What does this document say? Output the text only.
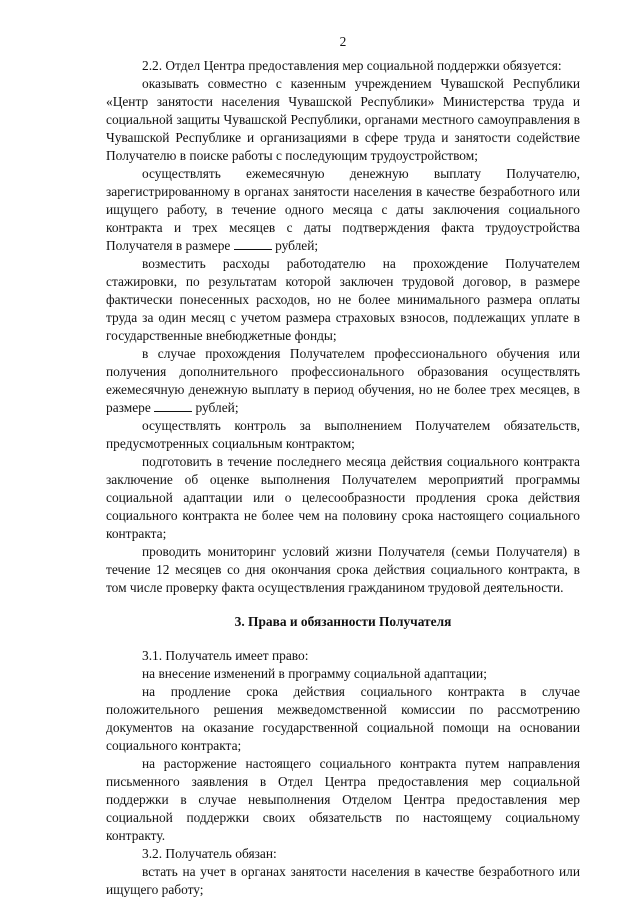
2

2.2. Отдел Центра предоставления мер социальной поддержки обязуется:

оказывать совместно с казенным учреждением Чувашской Республики «Центр занятости населения Чувашской Республики» Министерства труда и социальной защиты Чувашской Республики, органами местного самоуправления в Чувашской Республике и организациями в сфере труда и занятости содействие Получателю в поиске работы с последующим трудоустройством;

осуществлять ежемесячную денежную выплату Получателю, зарегистрированному в органах занятости населения в качестве безработного или ищущего работу, в течение одного месяца с даты заключения социального контракта и трех месяцев с даты подтверждения факта трудоустройства Получателя в размере	рублей;

возместить расходы работодателю на прохождение Получателем стажировки, по результатам которой заключен трудовой договор, в размере фактически понесенных расходов, но не более минимального размера оплаты труда за один месяц с учетом размера страховых взносов, подлежащих уплате в государственные внебюджетные фонды;

в случае прохождения Получателем профессионального обучения или получения дополнительного профессионального образования осуществлять ежемесячную денежную выплату в период обучения, но не более трех месяцев, в размере	рублей;

осуществлять контроль за выполнением Получателем обязательств, предусмотренных социальным контрактом;

подготовить в течение последнего месяца действия социального контракта заключение об оценке выполнения Получателем мероприятий программы социальной адаптации или о целесообразности продления срока действия социального контракта не более чем на половину срока настоящего социального контракта;

проводить мониторинг условий жизни Получателя (семьи Получателя) в течение 12 месяцев со дня окончания срока действия социального контракта, в том числе проверку факта осуществления гражданином трудовой деятельности.

3. Права и обязанности Получателя

3.1. Получатель имеет право:

на внесение изменений в программу социальной адаптации;

на продление срока действия социального контракта в случае положительного решения межведомственной комиссии по рассмотрению документов на оказание государственной социальной помощи на основании социального контракта;

на расторжение настоящего социального контракта путем направления письменного заявления в Отдел Центра предоставления мер социальной поддержки в случае невыполнения Отделом Центра предоставления мер социальной поддержки своих обязательств по настоящему социальному контракту.

3.2. Получатель обязан:

встать на учет в органах занятости населения в качестве безработного или ищущего работу;
